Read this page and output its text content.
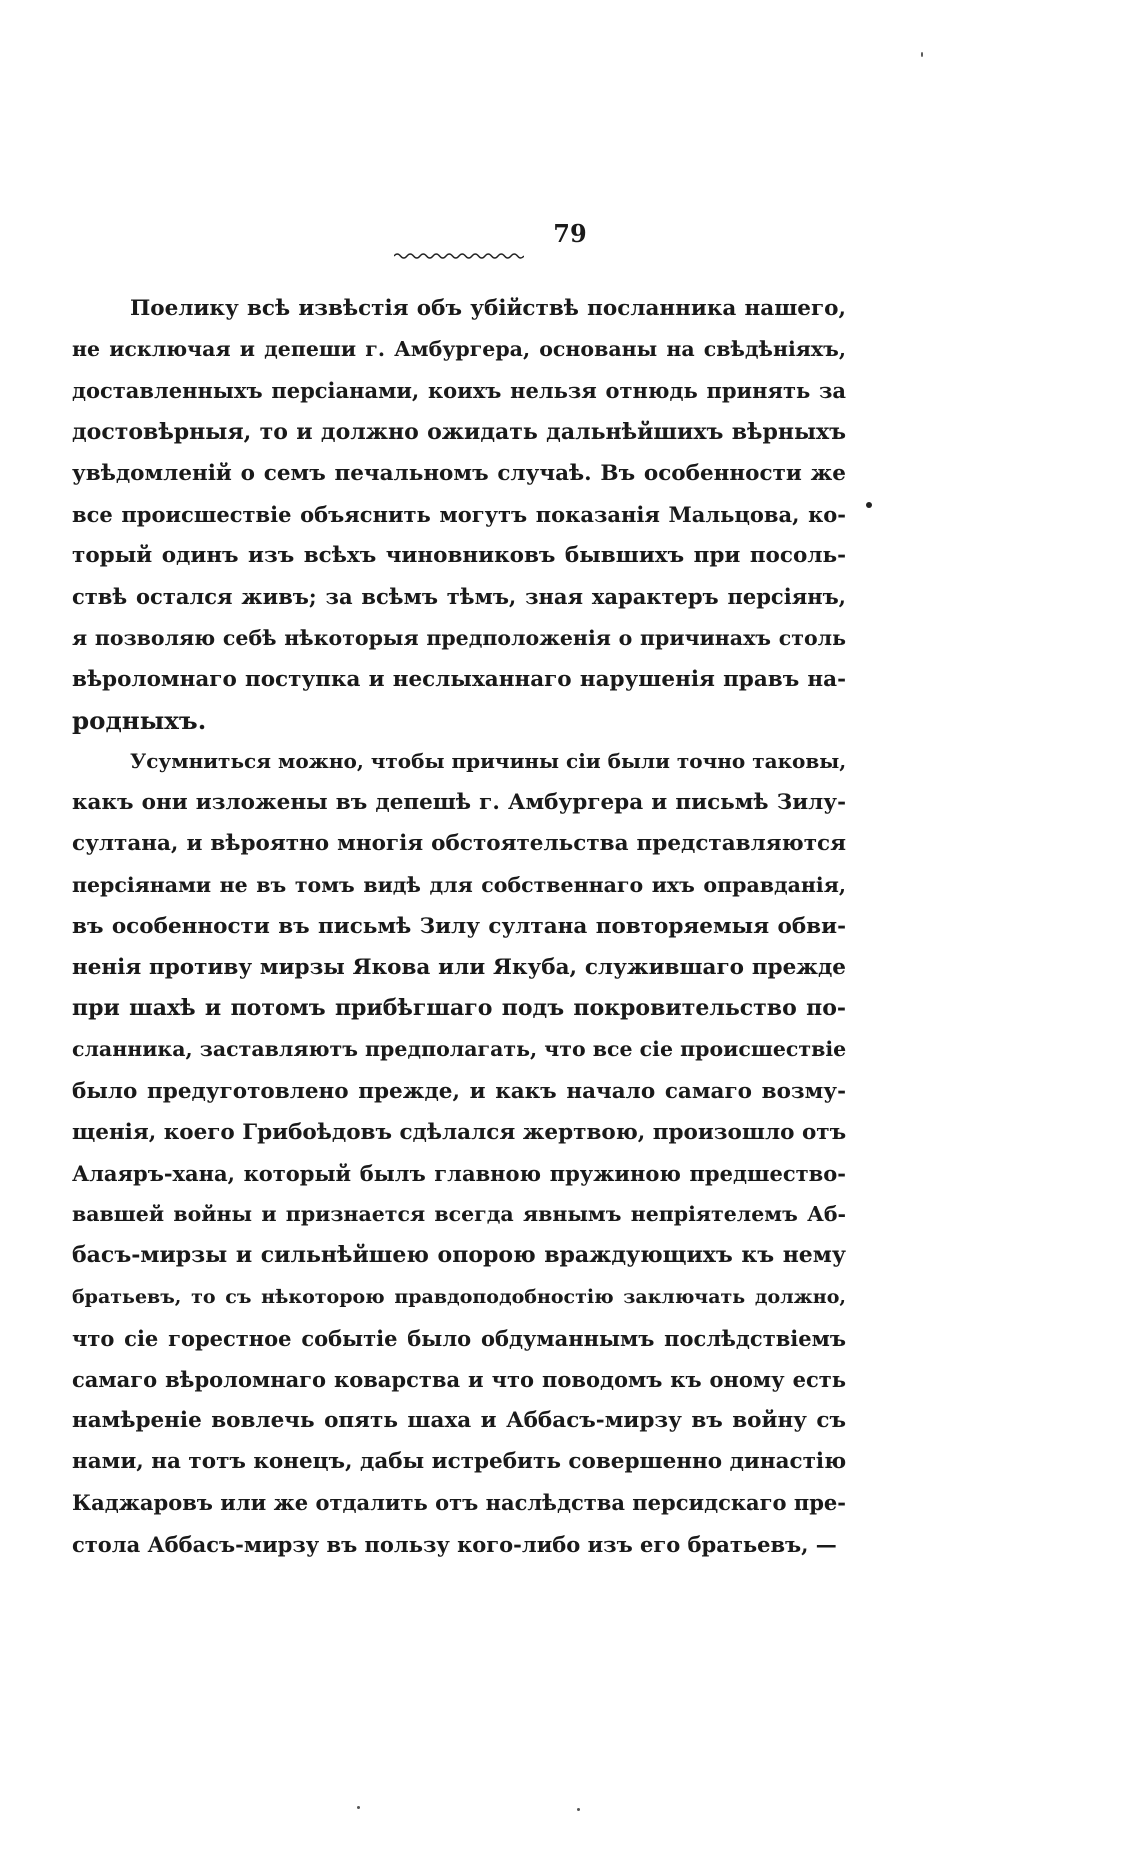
79
Поелику всѣ извѣстія объ убійствѣ посланника нашего,
не исключая и депеши г. Амбургера, основаны на свѣдѣніяхъ,
доставленныхъ персіанами, коихъ нельзя отнюдь принять за
достовѣрныя, то и должно ожидать дальнѣйшихъ вѣрныхъ
увѣдомленій о семъ печальномъ случаѣ. Въ особенности же
все происшествіе объяснить могутъ показанія Мальцова, ко-
торый одинъ изъ всѣхъ чиновниковъ бывшихъ при посоль-
ствѣ остался живъ; за всѣмъ тѣмъ, зная характеръ персіянъ,
я позволяю себѣ нѣкоторыя предположенія о причинахъ столь
вѣроломнаго поступка и неслыханнаго нарушенія правъ на-
родныхъ.
Усумниться можно, чтобы причины сіи были точно таковы,
какъ они изложены въ депешѣ г. Амбургера и письмѣ Зилу-
султана, и вѣроятно многія обстоятельства представляются
персіянами не въ томъ видѣ для собственнаго ихъ оправданія,
въ особенности въ письмѣ Зилу султана повторяемыя обви-
ненія противу мирзы Якова или Якуба, служившаго прежде
при шахѣ и потомъ прибѣгшаго подъ покровительство по-
сланника, заставляютъ предполагать, что все сіе происшествіе
было предуготовлено прежде, и какъ начало самаго возму-
щенія, коего Грибоѣдовъ сдѣлался жертвою, произошло отъ
Алаяръ-хана, который былъ главною пружиною предшество-
вавшей войны и признается всегда явнымъ непріятелемъ Аб-
басъ-мирзы и сильнѣйшею опорою враждующихъ къ нему
братьевъ, то съ нѣкоторою правдоподобностію заключать должно,
что сіе горестное событіе было обдуманнымъ послѣдствіемъ
самаго вѣроломнаго коварства и что поводомъ къ оному есть
намѣреніе вовлечь опять шаха и Аббасъ-мирзу въ войну съ
нами, на тотъ конецъ, дабы истребить совершенно династію
Каджаровъ или же отдалить отъ наслѣдства персидскаго пре-
стола Аббасъ-мирзу въ пользу кого-либо изъ его братьевъ, —
